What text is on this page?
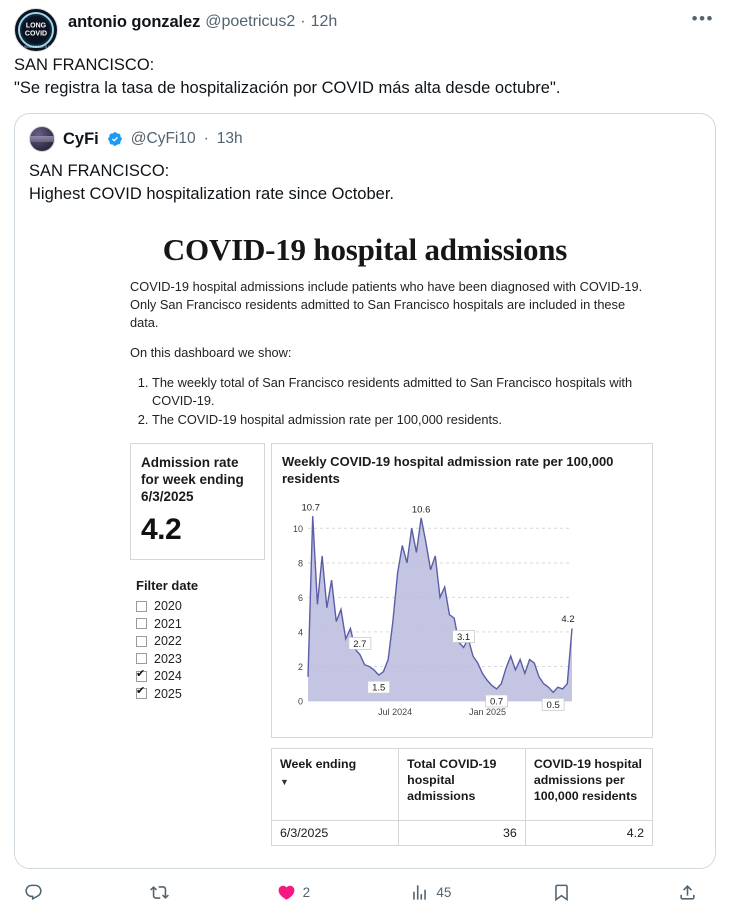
LONG
COVID
AWARENESS
antonio gonzalez @poetricus2 · 12h	•••
SAN FRANCISCO:
"Se registra la tasa de hospitalización por COVID más alta desde octubre".
CyFi @CyFi10 · 13h
SAN FRANCISCO:
Highest COVID hospitalization rate since October.
COVID-19 hospital admissions

COVID-19 hospital admissions include patients who have been diagnosed with COVID-19. Only San Francisco residents admitted to San Francisco hospitals are included in these data.

On this dashboard we show:

1. The weekly total of San Francisco residents admitted to San Francisco hospitals with COVID-19.
2. The COVID-19 hospital admission rate per 100,000 residents.
Admission rate for week ending 6/3/2025
4.2
Filter date
2020
2021
2022
2023
✔
2024
✔
2025
Weekly COVID-19 hospital admission rate per 100,000 residents
0
2
4
6
8
10
Jul 2024	Jan 2025
10.7
2.7
1.5
10.6
3.1
0.7	0.5
4.2
Week ending
▼	Total COVID-19 hospital admissions	COVID-19 hospital admissions per 100,000 residents
6/3/2025	36	4.2
2	45
